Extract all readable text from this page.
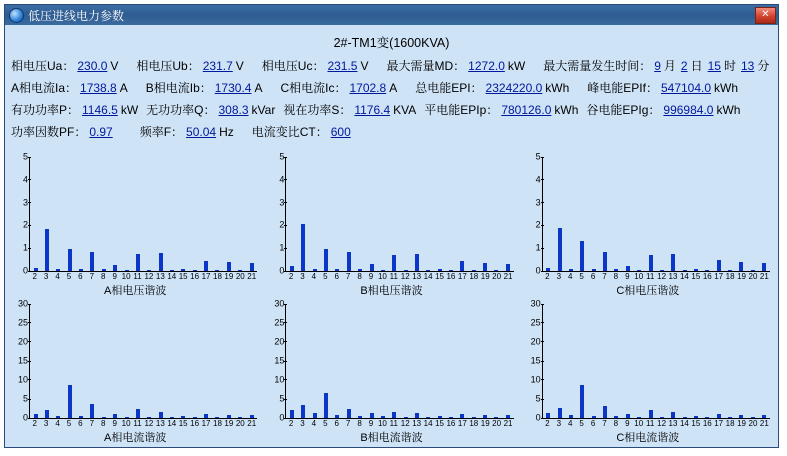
低压进线电力参数	✕
2#-TM1变(1600KVA)
相电压Ua： 230.0 V 相电压Ub： 231.7 V 相电压Uc： 231.5 V 最大需量MD： 1272.0 kW 最大需量发生时间： 9 月 2 日 15 时 13 分
A相电流Ia： 1738.8 A B相电流Ib： 1730.4 A C相电流Ic： 1702.8 A 总电能EPI： 2324220.0 kWh 峰电能EPIf： 547104.0 kWh
有功功率P： 1146.5 kW 无功功率Q： 308.3 kVar 视在功率S： 1176.4 KVA 平电能EPIp： 780126.0 kWh 谷电能EPIg： 996984.0 kWh
功率因数PF： 0.97 频率F： 50.04 Hz 电流变比CT： 600
0
1
2
3
4
5
2 3 4 5 6 7 8 9 10 11 12 13 14 15 16 17 18 19 20 21
A相电压谐波
0
1
2
3
4
5
2 3 4 5 6 7 8 9 10 11 12 13 14 15 16 17 18 19 20 21
B相电压谐波
0
1
2
3
4
5
2 3 4 5 6 7 8 9 10 11 12 13 14 15 16 17 18 19 20 21
C相电压谐波
0
5
10
15
20
25
30
2 3 4 5 6 7 8 9 10 11 12 13 14 15 16 17 18 19 20 21
A相电流谐波
0
5
10
15
20
25
30
2 3 4 5 6 7 8 9 10 11 12 13 14 15 16 17 18 19 20 21
B相电流谐波
0
5
10
15
20
25
30
2 3 4 5 6 7 8 9 10 11 12 13 14 15 16 17 18 19 20 21
C相电流谐波
